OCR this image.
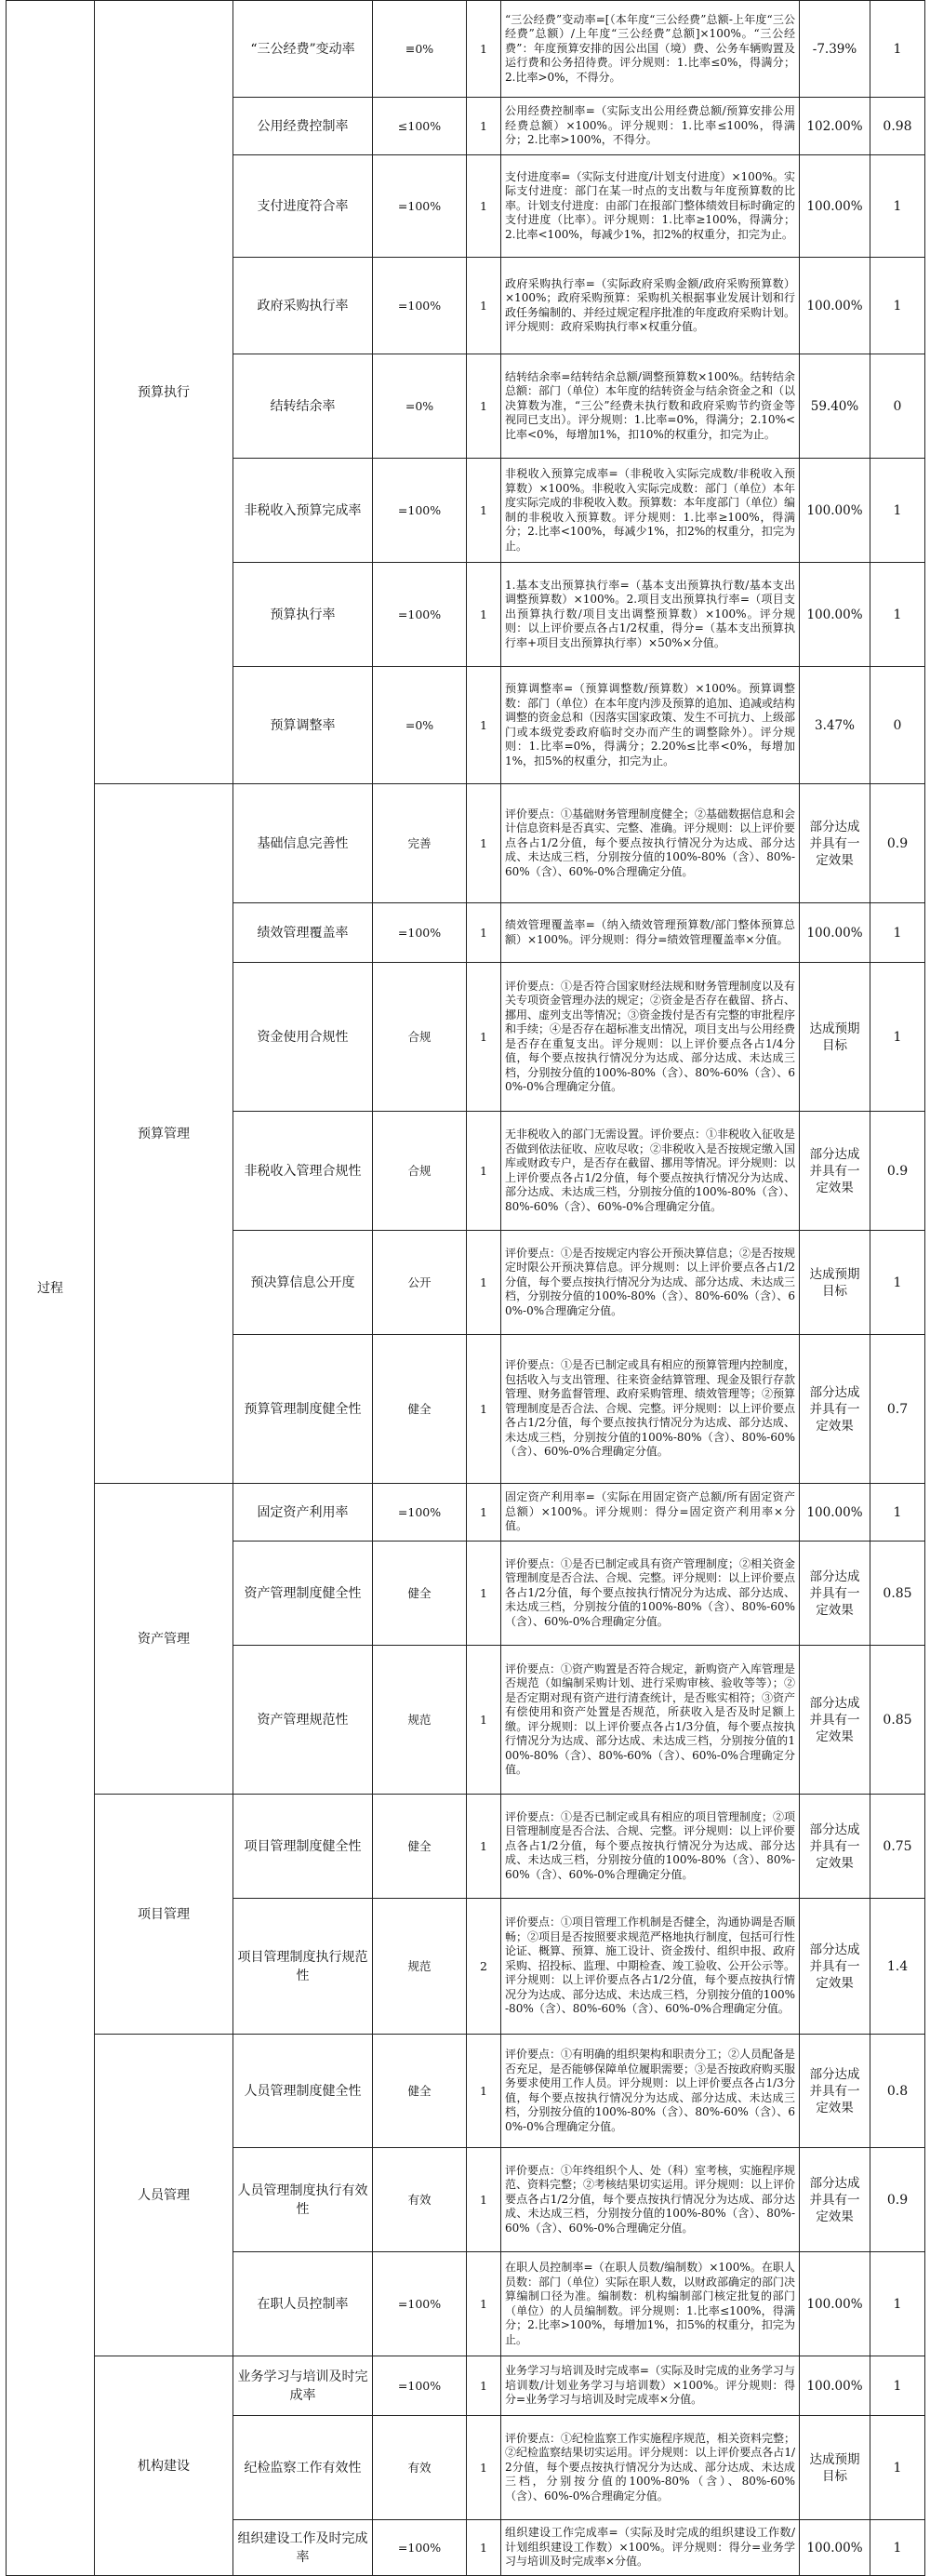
过程	预算执行	“三公经费”变动率	≡0%	1	“三公经费”变动率=[（本年度“三公经费”总额-上年度“三公经费”总额）/上年度“三公经费”总额]×100%。“三公经费”：年度预算安排的因公出国（境）费、公务车辆购置及运行费和公务招待费。评分规则：1.比率≤0%，得满分；2.比率>0%，不得分。	-7.39%	1
		公用经费控制率	≤100%	1	公用经费控制率=（实际支出公用经费总额/预算安排公用经费总额）×100%。评分规则：1.比率≤100%，得满分；2.比率>100%，不得分。	102.00%	0.98
		支付进度符合率	=100%	1	支付进度率=（实际支付进度/计划支付进度）×100%。实际支付进度：部门在某一时点的支出数与年度预算数的比率。计划支付进度：由部门在报部门整体绩效目标时确定的支付进度（比率）。评分规则：1.比率≥100%，得满分；2.比率<100%，每减少1%，扣2%的权重分，扣完为止。	100.00%	1
		政府采购执行率	=100%	1	政府采购执行率=（实际政府采购金额/政府采购预算数）×100%；政府采购预算：采购机关根据事业发展计划和行政任务编制的、并经过规定程序批准的年度政府采购计划。评分规则：政府采购执行率×权重分值。	100.00%	1
		结转结余率	=0%	1	结转结余率=结转结余总额/调整预算数×100%。结转结余总额：部门（单位）本年度的结转资金与结余资金之和（以决算数为准，“三公”经费未执行数和政府采购节约资金等视同已支出）。评分规则：1.比率=0%，得满分；2.10%<比率<0%，每增加1%，扣10%的权重分，扣完为止。	59.40%	0
		非税收入预算完成率	=100%	1	非税收入预算完成率=（非税收入实际完成数/非税收入预算数）×100%。非税收入实际完成数：部门（单位）本年度实际完成的非税收入数。预算数：本年度部门（单位）编制的非税收入预算数。评分规则：1.比率≥100%，得满分；2.比率<100%，每减少1%，扣2%的权重分，扣完为止。	100.00%	1
		预算执行率	=100%	1	1.基本支出预算执行率=（基本支出预算执行数/基本支出调整预算数）×100%。2.项目支出预算执行率=（项目支出预算执行数/项目支出调整预算数）×100%。评分规则：以上评价要点各占1/2权重，得分=（基本支出预算执行率+项目支出预算执行率）×50%×分值。	100.00%	1
		预算调整率	=0%	1	预算调整率=（预算调整数/预算数）×100%。预算调整数：部门（单位）在本年度内涉及预算的追加、追减或结构调整的资金总和（因落实国家政策、发生不可抗力、上级部门或本级党委政府临时交办而产生的调整除外）。评分规则：1.比率=0%，得满分；2.20%≤比率<0%，每增加1%，扣5%的权重分，扣完为止。	3.47%	0
	预算管理	基础信息完善性	完善	1	评价要点：①基础财务管理制度健全；②基础数据信息和会计信息资料是否真实、完整、准确。评分规则：以上评价要点各占1/2分值，每个要点按执行情况分为达成、部分达成、未达成三档，分别按分值的100%-80%（含）、80%-60%（含）、60%-0%合理确定分值。	部分达成并具有一定效果	0.9
		绩效管理覆盖率	=100%	1	绩效管理覆盖率=（纳入绩效管理预算数/部门整体预算总额）×100%。评分规则：得分=绩效管理覆盖率×分值。	100.00%	1
		资金使用合规性	合规	1	评价要点：①是否符合国家财经法规和财务管理制度以及有关专项资金管理办法的规定；②资金是否存在截留、挤占、挪用、虚列支出等情况；③资金拨付是否有完整的审批程序和手续；④是否存在超标准支出情况，项目支出与公用经费是否存在重复支出。评分规则：以上评价要点各占1/4分值，每个要点按执行情况分为达成、部分达成、未达成三档，分别按分值的100%-80%（含）、80%-60%（含）、60%-0%合理确定分值。	达成预期目标	1
		非税收入管理合规性	合规	1	无非税收入的部门无需设置。评价要点：①非税收入征收是否做到依法征收、应收尽收；②非税收入是否按规定缴入国库或财政专户，是否存在截留、挪用等情况。评分规则：以上评价要点各占1/2分值，每个要点按执行情况分为达成、部分达成、未达成三档，分别按分值的100%-80%（含）、80%-60%（含）、60%-0%合理确定分值。	部分达成并具有一定效果	0.9
		预决算信息公开度	公开	1	评价要点：①是否按规定内容公开预决算信息；②是否按规定时限公开预决算信息。评分规则：以上评价要点各占1/2分值，每个要点按执行情况分为达成、部分达成、未达成三档，分别按分值的100%-80%（含）、80%-60%（含）、60%-0%合理确定分值。	达成预期目标	1
		预算管理制度健全性	健全	1	评价要点：①是否已制定或具有相应的预算管理内控制度，包括收入与支出管理、往来资金结算管理、现金及银行存款管理、财务监督管理、政府采购管理、绩效管理等；②预算管理制度是否合法、合规、完整。评分规则：以上评价要点各占1/2分值，每个要点按执行情况分为达成、部分达成、未达成三档，分别按分值的100%-80%（含）、80%-60%（含）、60%-0%合理确定分值。	部分达成并具有一定效果	0.7
	资产管理	固定资产利用率	=100%	1	固定资产利用率=（实际在用固定资产总额/所有固定资产总额）×100%。评分规则：得分=固定资产利用率×分值。	100.00%	1
		资产管理制度健全性	健全	1	评价要点：①是否已制定或具有资产管理制度；②相关资金管理制度是否合法、合规、完整。评分规则：以上评价要点各占1/2分值，每个要点按执行情况分为达成、部分达成、未达成三档，分别按分值的100%-80%（含）、80%-60%（含）、60%-0%合理确定分值。	部分达成并具有一定效果	0.85
		资产管理规范性	规范	1	评价要点：①资产购置是否符合规定，新购资产入库管理是否规范（如编制采购计划、进行采购审核、验收等等）；②是否定期对现有资产进行清查统计，是否账实相符；③资产有偿使用和资产处置是否规范，所获收入是否及时足额上缴。评分规则：以上评价要点各占1/3分值，每个要点按执行情况分为达成、部分达成、未达成三档，分别按分值的100%-80%（含）、80%-60%（含）、60%-0%合理确定分值。	部分达成并具有一定效果	0.85
	项目管理	项目管理制度健全性	健全	1	评价要点：①是否已制定或具有相应的项目管理制度；②项目管理制度是否合法、合规、完整。评分规则：以上评价要点各占1/2分值，每个要点按执行情况分为达成、部分达成、未达成三档，分别按分值的100%-80%（含）、80%-60%（含）、60%-0%合理确定分值。	部分达成并具有一定效果	0.75
		项目管理制度执行规范性	规范	2	评价要点：①项目管理工作机制是否健全，沟通协调是否顺畅；②项目是否按照要求规范严格地执行制度，包括可行性论证、概算、预算、施工设计、资金拨付、组织申报、政府采购、招投标、监理、中期检查、竣工验收、公开公示等。评分规则：以上评价要点各占1/2分值，每个要点按执行情况分为达成、部分达成、未达成三档，分别按分值的100%-80%（含）、80%-60%（含）、60%-0%合理确定分值。	部分达成并具有一定效果	1.4
	人员管理	人员管理制度健全性	健全	1	评价要点：①有明确的组织架构和职责分工；②人员配备是否充足，是否能够保障单位履职需要；③是否按政府购买服务要求使用工作人员。评分规则：以上评价要点各占1/3分值，每个要点按执行情况分为达成、部分达成、未达成三档，分别按分值的100%-80%（含）、80%-60%（含）、60%-0%合理确定分值。	部分达成并具有一定效果	0.8
		人员管理制度执行有效性	有效	1	评价要点：①年终组织个人、处（科）室考核，实施程序规范、资料完整；②考核结果切实运用。评分规则：以上评价要点各占1/2分值，每个要点按执行情况分为达成、部分达成、未达成三档，分别按分值的100%-80%（含）、80%-60%（含）、60%-0%合理确定分值。	部分达成并具有一定效果	0.9
		在职人员控制率	=100%	1	在职人员控制率=（在职人员数/编制数）×100%。在职人员数：部门（单位）实际在职人数，以财政部确定的部门决算编制口径为准。编制数：机构编制部门核定批复的部门（单位）的人员编制数。评分规则：1.比率≤100%，得满分；2.比率>100%，每增加1%，扣5%的权重分，扣完为止。	100.00%	1
	机构建设	业务学习与培训及时完成率	=100%	1	业务学习与培训及时完成率=（实际及时完成的业务学习与培训数/计划业务学习与培训数）×100%。评分规则：得分=业务学习与培训及时完成率×分值。	100.00%	1
		纪检监察工作有效性	有效	1	评价要点：①纪检监察工作实施程序规范，相关资料完整；②纪检监察结果切实运用。评分规则：以上评价要点各占1/2分值，每个要点按执行情况分为达成、部分达成、未达成三档，分别按分值的100%-80%（含）、80%-60%（含）、60%-0%合理确定分值。	达成预期目标	1
		组织建设工作及时完成率	=100%	1	组织建设工作完成率=（实际及时完成的组织建设工作数/计划组织建设工作数）×100%。评分规则：得分=业务学习与培训及时完成率×分值。	100.00%	1
